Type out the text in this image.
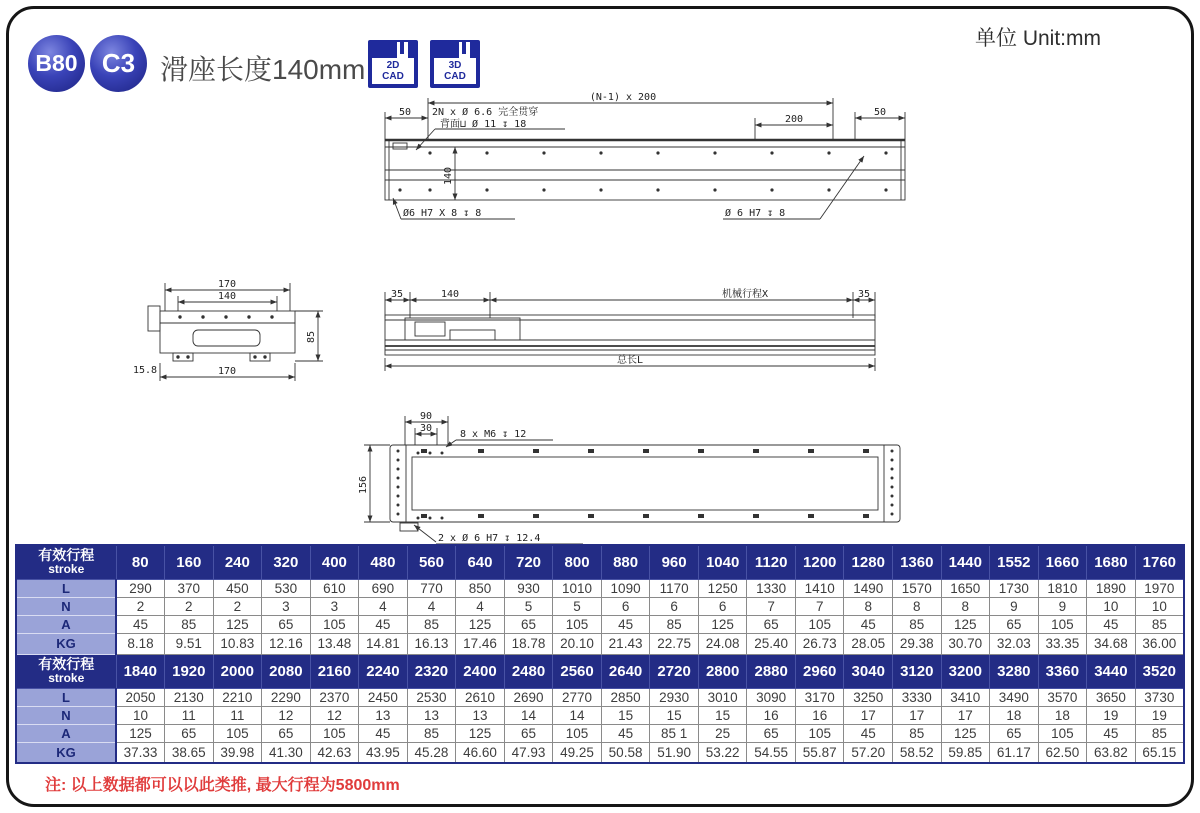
B80 C3 滑座长度140mm 2D
CAD
3D
CAD
单位 Unit:mm
(N-1) x 200
50
200
50
2N x Ø 6.6 完全贯穿
背面⊔ Ø 11 ↧ 18
140
Ø6 H7 X 8 ↧ 8	Ø 6 H7 ↧ 8
170
140
85
15.8	170
35	140	机械行程X	35
总长L
90
30
8 x M6 ↧ 12
156
2 x Ø 6 H7 ↧ 12.4
有效行程
stroke	80	160	240	320	400	480	560	640	720	800	880	960	1040	1120	1200	1280	1360	1440	1552	1660	1680	1760
L	290	370	450	530	610	690	770	850	930	1010	1090	1170	1250	1330	1410	1490	1570	1650	1730	1810	1890	1970
N	2	2	2	3	3	4	4	4	5	5	6	6	6	7	7	8	8	8	9	9	10	10
A	45	85	125	65	105	45	85	125	65	105	45	85	125	65	105	45	85	125	65	105	45	85
KG	8.18	9.51	10.83	12.16	13.48	14.81	16.13	17.46	18.78	20.10	21.43	22.75	24.08	25.40	26.73	28.05	29.38	30.70	32.03	33.35	34.68	36.00

有效行程
stroke	1840	1920	2000	2080	2160	2240	2320	2400	2480	2560	2640	2720	2800	2880	2960	3040	3120	3200	3280	3360	3440	3520
L	2050	2130	2210	2290	2370	2450	2530	2610	2690	2770	2850	2930	3010	3090	3170	3250	3330	3410	3490	3570	3650	3730
N	10	11	11	12	12	13	13	13	14	14	15	15	15	16	16	17	17	17	18	18	19	19
A	125	65	105	65	105	45	85	125	65	105	45	85 1	25	65	105	45	85	125	65	105	45	85
KG	37.33	38.65	39.98	41.30	42.63	43.95	45.28	46.60	47.93	49.25	50.58	51.90	53.22	54.55	55.87	57.20	58.52	59.85	61.17	62.50	63.82	65.15
注: 以上数据都可以以此类推, 最大行程为5800mm
